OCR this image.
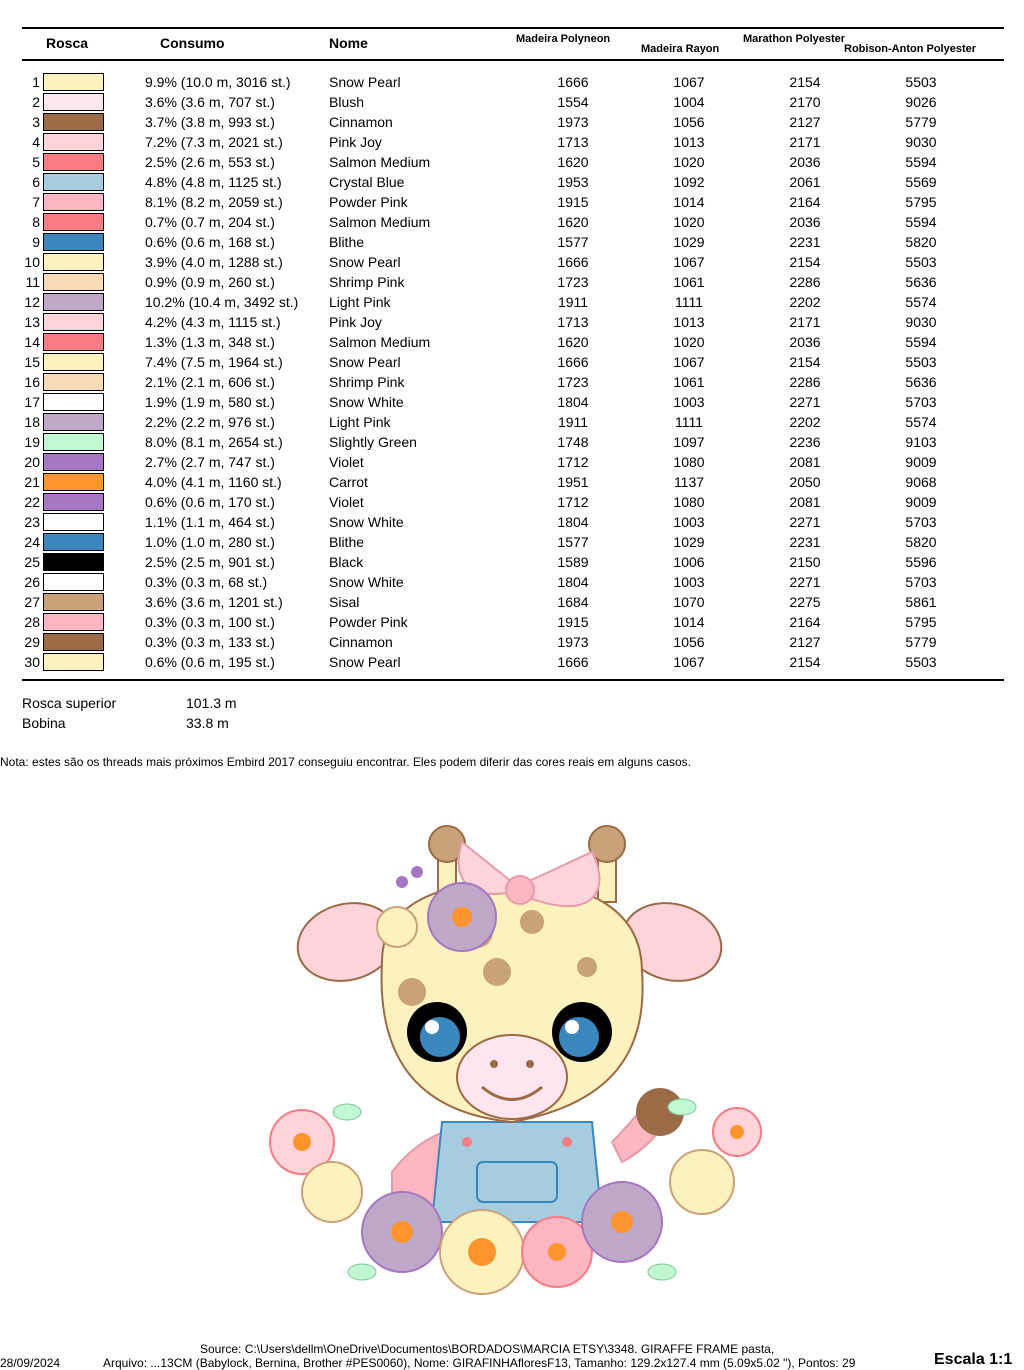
Rosca	Consumo	Nome	Madeira Polyneon
Madeira Rayon
Marathon Polyester
Robison-Anton Polyester
1	9.9% (10.0 m, 3016 st.)	Snow Pearl	1666	1067	2154	5503
2	3.6% (3.6 m, 707 st.)	Blush	1554	1004	2170	9026
3	3.7% (3.8 m, 993 st.)	Cinnamon	1973	1056	2127	5779
4	7.2% (7.3 m, 2021 st.)	Pink Joy	1713	1013	2171	9030
5	2.5% (2.6 m, 553 st.)	Salmon Medium	1620	1020	2036	5594
6	4.8% (4.8 m, 1125 st.)	Crystal Blue	1953	1092	2061	5569
7	8.1% (8.2 m, 2059 st.)	Powder Pink	1915	1014	2164	5795
8	0.7% (0.7 m, 204 st.)	Salmon Medium	1620	1020	2036	5594
9	0.6% (0.6 m, 168 st.)	Blithe	1577	1029	2231	5820
10	3.9% (4.0 m, 1288 st.)	Snow Pearl	1666	1067	2154	5503
11	0.9% (0.9 m, 260 st.)	Shrimp Pink	1723	1061	2286	5636
12	10.2% (10.4 m, 3492 st.) Light Pink	1911	1111	2202	5574
13	4.2% (4.3 m, 1115 st.)	Pink Joy	1713	1013	2171	9030
14	1.3% (1.3 m, 348 st.)	Salmon Medium	1620	1020	2036	5594
15	7.4% (7.5 m, 1964 st.)	Snow Pearl	1666	1067	2154	5503
16	2.1% (2.1 m, 606 st.)	Shrimp Pink	1723	1061	2286	5636
17	1.9% (1.9 m, 580 st.)	Snow White	1804	1003	2271	5703
18	2.2% (2.2 m, 976 st.)	Light Pink	1911	1111	2202	5574
19	8.0% (8.1 m, 2654 st.)	Slightly Green	1748	1097	2236	9103
20	2.7% (2.7 m, 747 st.)	Violet	1712	1080	2081	9009
21	4.0% (4.1 m, 1160 st.)	Carrot	1951	1137	2050	9068
22	0.6% (0.6 m, 170 st.)	Violet	1712	1080	2081	9009
23	1.1% (1.1 m, 464 st.)	Snow White	1804	1003	2271	5703
24	1.0% (1.0 m, 280 st.)	Blithe	1577	1029	2231	5820
25	2.5% (2.5 m, 901 st.)	Black	1589	1006	2150	5596
26	0.3% (0.3 m, 68 st.)	Snow White	1804	1003	2271	5703
27	3.6% (3.6 m, 1201 st.)	Sisal	1684	1070	2275	5861
28	0.3% (0.3 m, 100 st.)	Powder Pink	1915	1014	2164	5795
29	0.3% (0.3 m, 133 st.)	Cinnamon	1973	1056	2127	5779
30	0.6% (0.6 m, 195 st.)	Snow Pearl	1666	1067	2154	5503
Rosca superior	101.3 m
Bobina	33.8 m
Nota: estes são os threads mais próximos Embird 2017 conseguiu encontrar. Eles podem diferir das cores reais em alguns casos.
Source: C:\Users\dellm\OneDrive\Documentos\BORDADOS\MARCIA ETSY\3348. GIRAFFE FRAME pasta,
28/09/2024	Arquivo: ...13CM (Babylock, Bernina, Brother #PES0060), Nome: GIRAFINHAfloresF13, Tamanho: 129.2x127.4 mm (5.09x5.02 "), Pontos: 29	Escala 1:1
